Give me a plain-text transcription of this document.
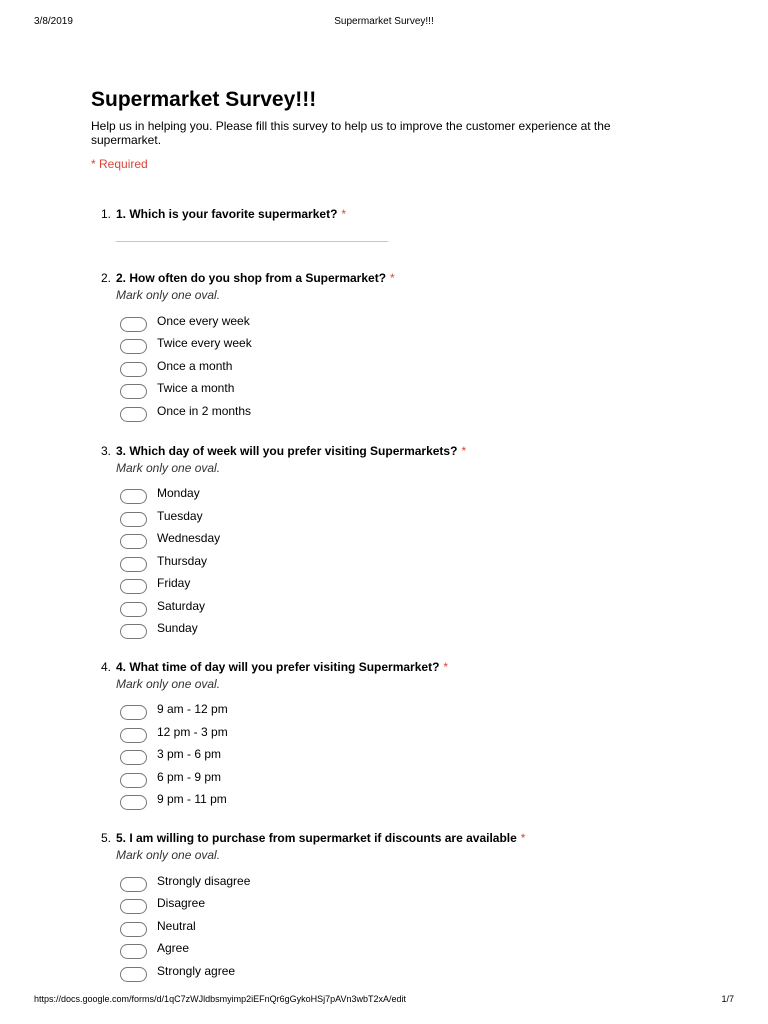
3/8/2019	Supermarket Survey!!!
Supermarket Survey!!!

Help us in helping you. Please fill this survey to help us to improve the customer experience at the supermarket.

* Required

1. 1. Which is your favorite supermarket? *
2. 2. How often do you shop from a Supermarket? *
Mark only one oval.
Once every week
Twice every week
Once a month
Twice a month
Once in 2 months
3. 3. Which day of week will you prefer visiting Supermarkets? *
Mark only one oval.
Monday
Tuesday
Wednesday
Thursday
Friday
Saturday
Sunday
4. 4. What time of day will you prefer visiting Supermarket? *
Mark only one oval.
9 am - 12 pm
12 pm - 3 pm
3 pm - 6 pm
6 pm - 9 pm
9 pm - 11 pm
5. 5. I am willing to purchase from supermarket if discounts are available *
Mark only one oval.
Strongly disagree
Disagree
Neutral
Agree
Strongly agree
https://docs.google.com/forms/d/1qC7zWJldbsmyimp2iEFnQr6gGykoHSj7pAVn3wbT2xA/edit	1/7
